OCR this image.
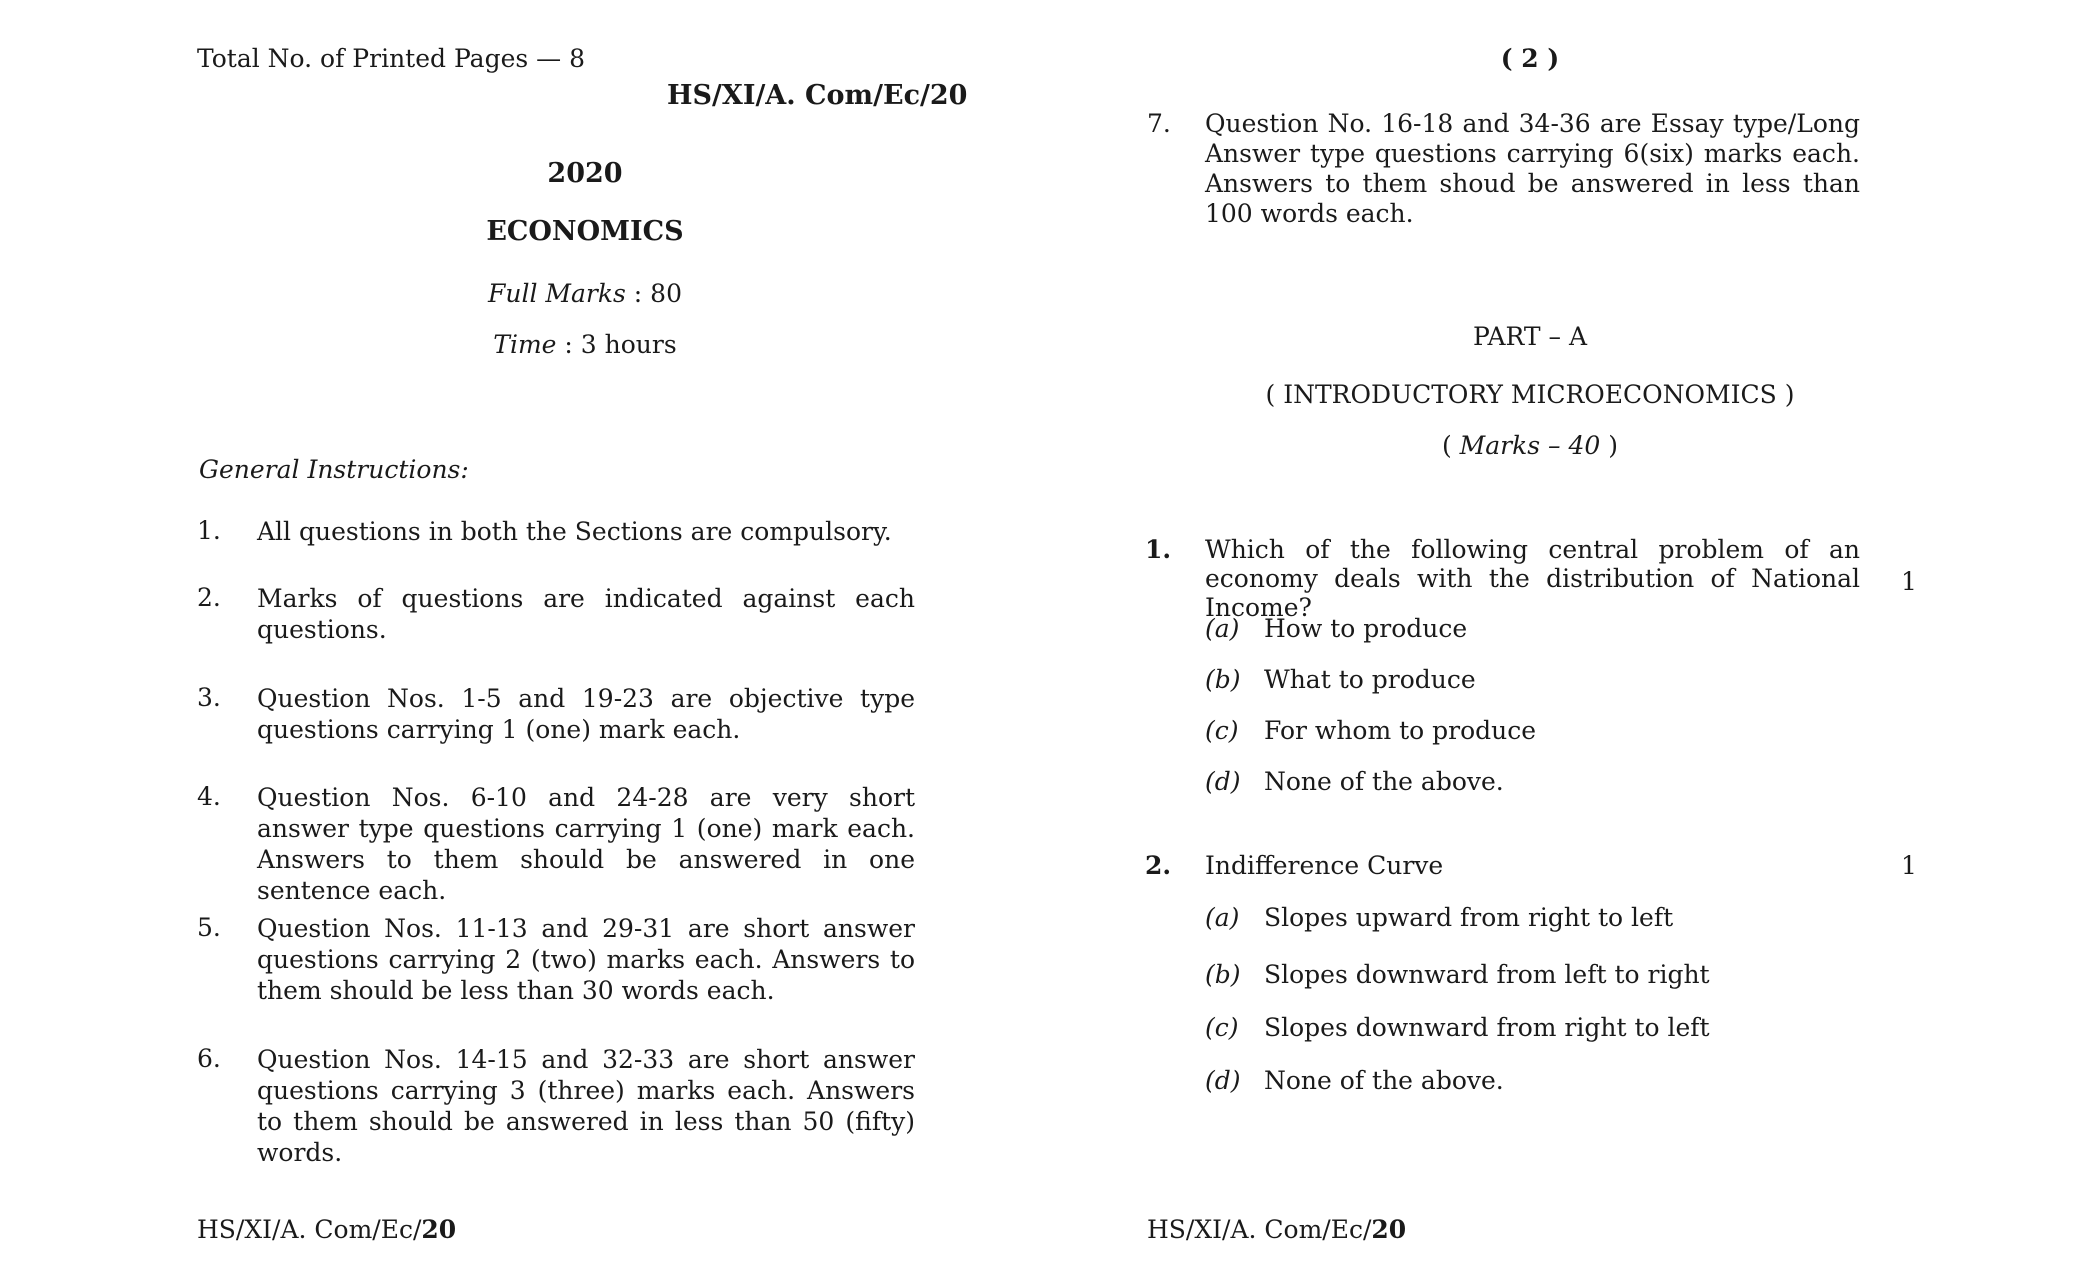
Total No. of Printed Pages — 8
HS/XI/A. Com/Ec/20
2020
ECONOMICS
Full Marks : 80
Time : 3 hours
General Instructions:
1. All questions in both the Sections are compulsory.
2. Marks of questions are indicated against each questions.
3. Question Nos. 1-5 and 19-23 are objective type questions carrying 1 (one) mark each.
4. Question Nos. 6-10 and 24-28 are very short answer type questions carrying 1 (one) mark each. Answers to them should be answered in one sentence each.
5. Question Nos. 11-13 and 29-31 are short answer questions carrying 2 (two) marks each. Answers to them should be less than 30 words each.
6. Question Nos. 14-15 and 32-33 are short answer questions carrying 3 (three) marks each. Answers to them should be answered in less than 50 (fifty) words.
HS/XI/A. Com/Ec/20
( 2 )
7. Question No. 16-18 and 34-36 are Essay type/Long Answer type questions carrying 6(six) marks each. Answers to them shoud be answered in less than 100 words each.
PART – A
( INTRODUCTORY MICROECONOMICS )
( Marks – 40 )
1. Which of the following central problem of an economy deals with the distribution of National Income?
1
(a) How to produce
(b) What to produce
(c) For whom to produce
(d) None of the above.
2. Indifference Curve	1
(a) Slopes upward from right to left
(b) Slopes downward from left to right
(c) Slopes downward from right to left
(d) None of the above.
HS/XI/A. Com/Ec/20
